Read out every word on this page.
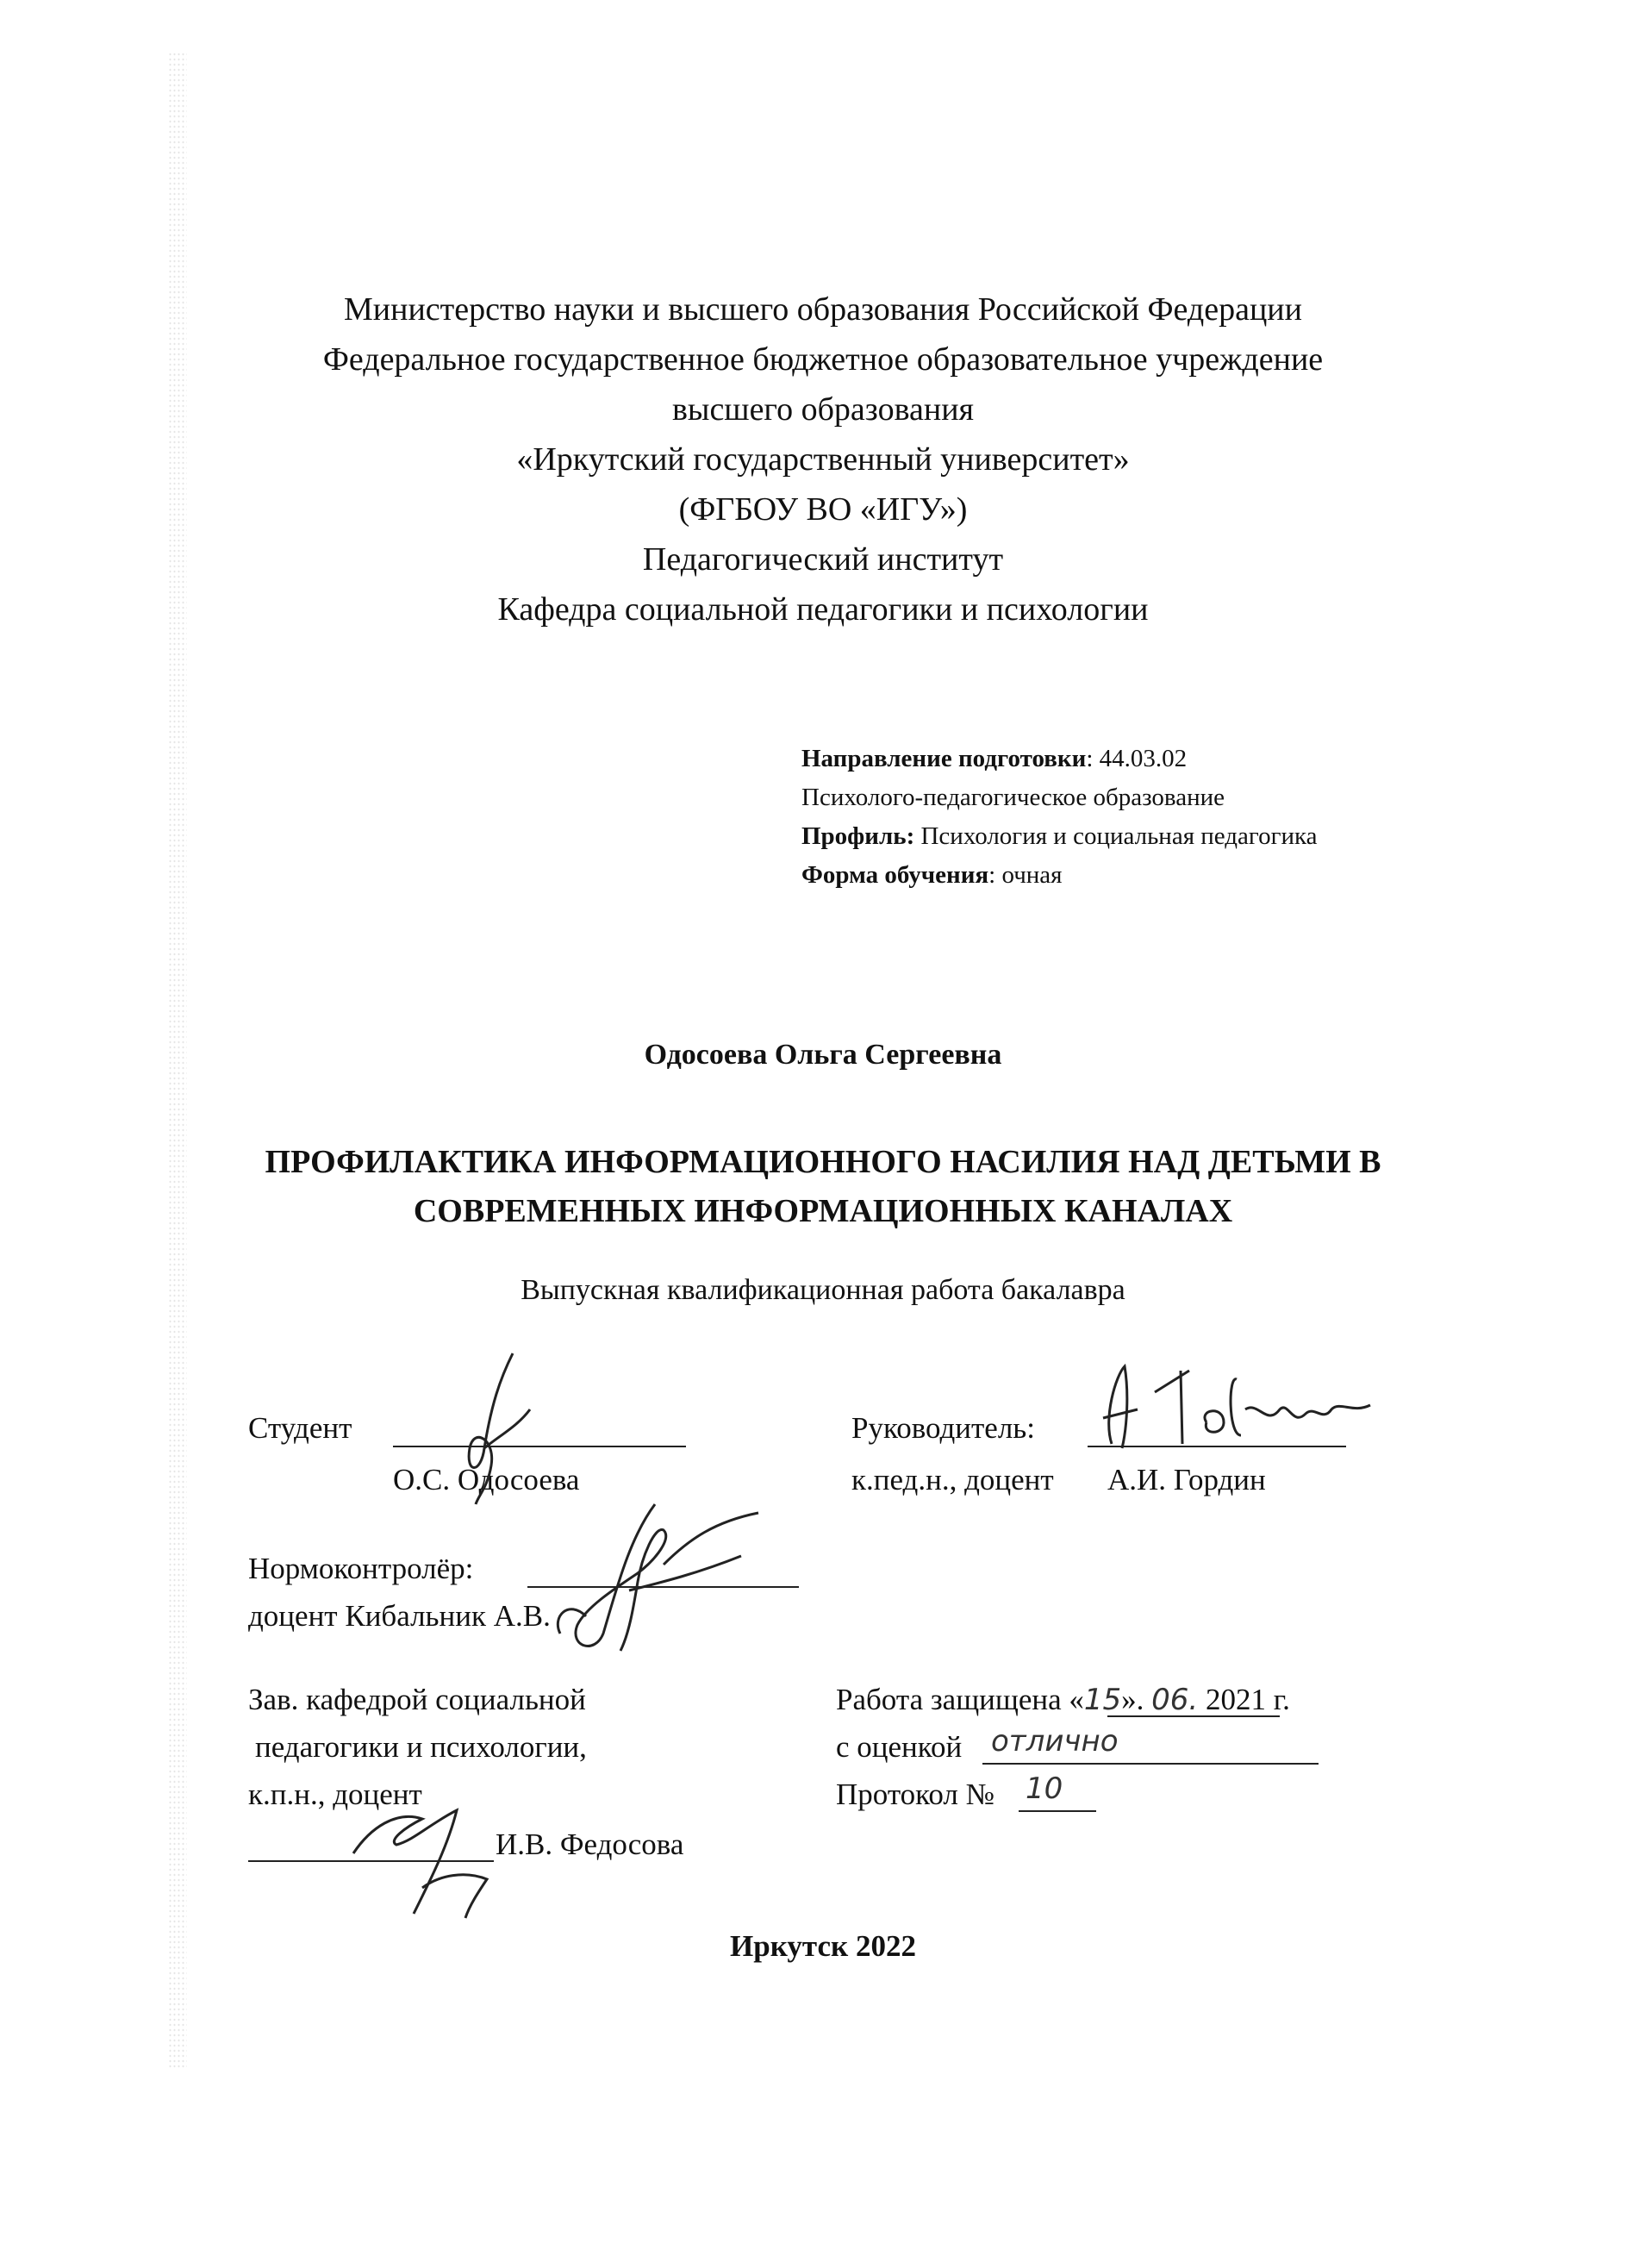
Министерство науки и высшего образования Российской Федерации
Федеральное государственное бюджетное образовательное учреждение
высшего образования
«Иркутский государственный университет»
(ФГБОУ ВО «ИГУ»)
Педагогический институт
Кафедра социальной педагогики и психологии
Направление подготовки: 44.03.02
Психолого-педагогическое образование
Профиль: Психология и социальная педагогика
Форма обучения: очная
Одосоева Ольга Сергеевна
ПРОФИЛАКТИКА ИНФОРМАЦИОННОГО НАСИЛИЯ НАД ДЕТЬМИ В
СОВРЕМЕННЫХ ИНФОРМАЦИОННЫХ КАНАЛАХ
Выпускная квалификационная работа бакалавра
Студент
О.С. Одосоева
Руководитель:
к.пед.н., доцент А.И. Гордин
Нормоконтролёр:
доцент Кибальник А.В.
Зав. кафедрой социальной
педагогики и психологии,
к.п.н., доцент
И.В. Федосова
Работа защищена «15». 06. 2021 г.
с оценкой отлично
Протокол № 10
Иркутск 2022
